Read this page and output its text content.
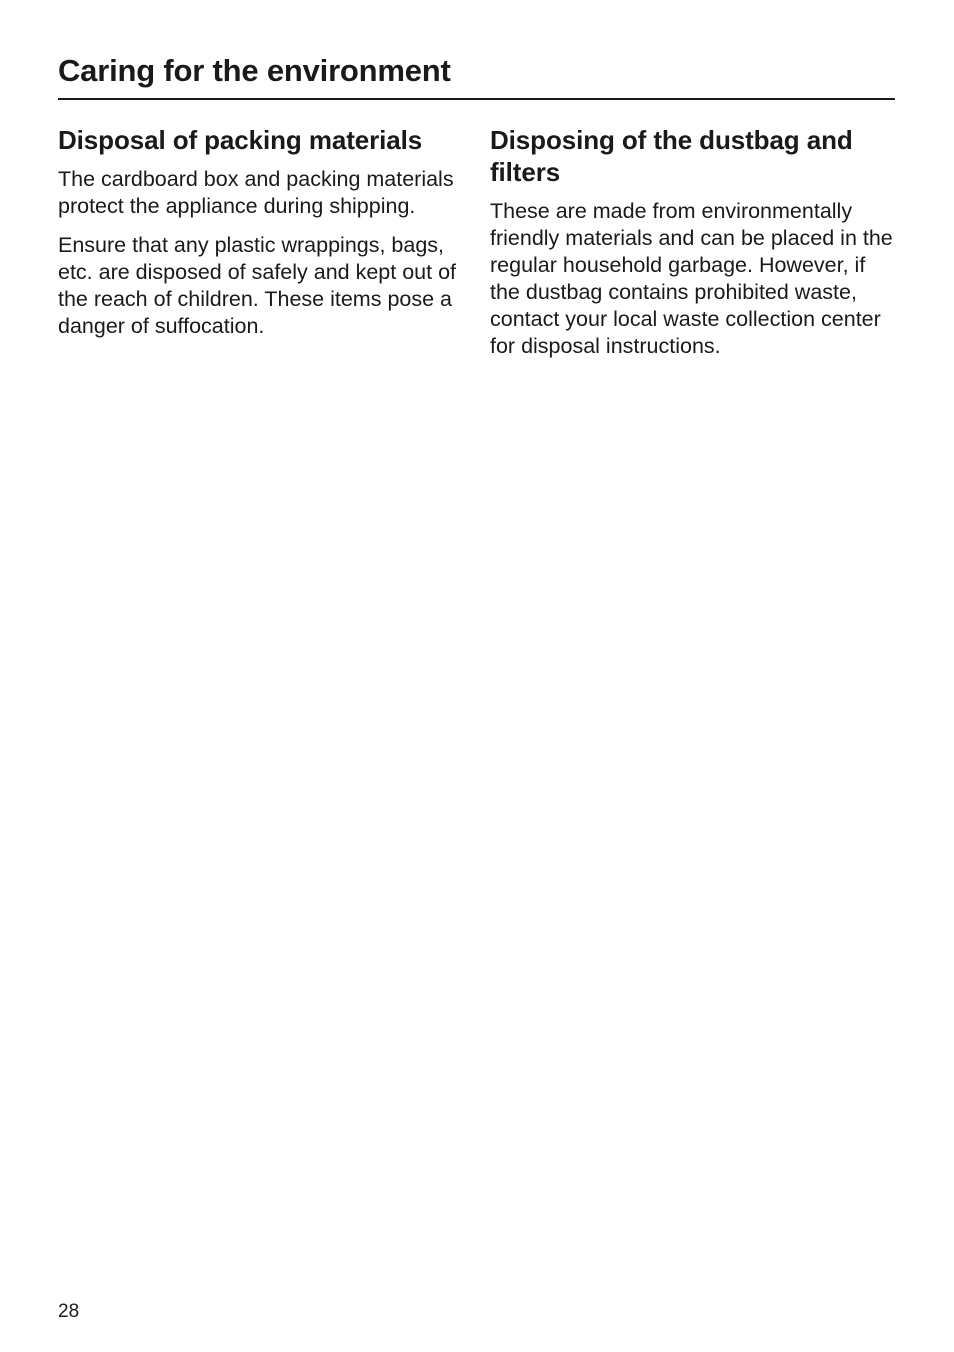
Caring for the environment
Disposal of packing materials

The cardboard box and packing materials protect the appliance during shipping.

Ensure that any plastic wrappings, bags, etc. are disposed of safely and kept out of the reach of children. These items pose a danger of suffocation.

Disposing of the dustbag and filters

These are made from environmentally friendly materials and can be placed in the regular household garbage. However, if the dustbag contains prohibited waste, contact your local waste collection center for disposal instructions.

28
